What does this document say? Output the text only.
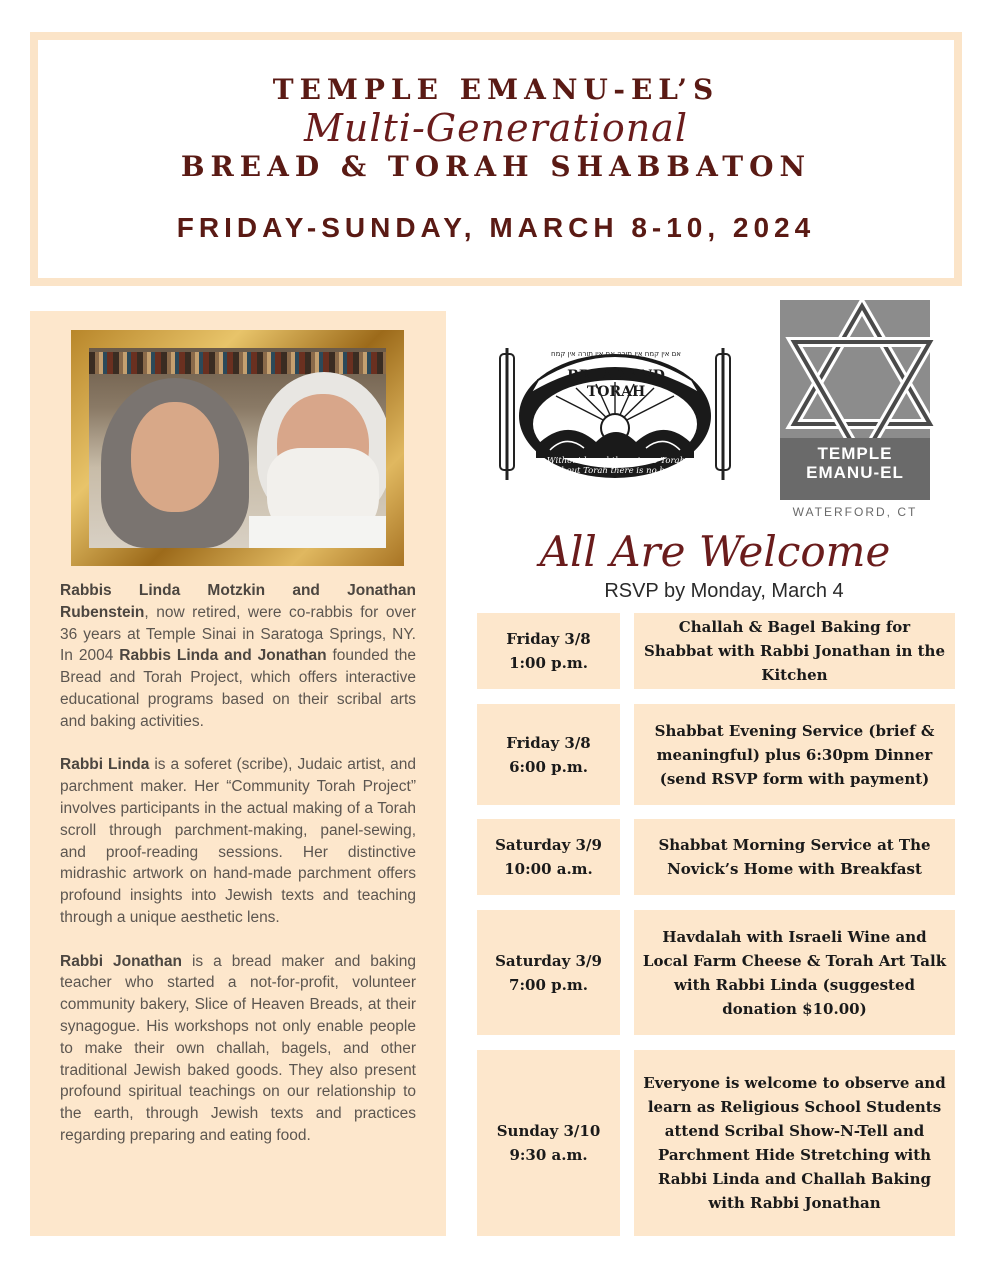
TEMPLE EMANU-EL’S
Multi-Generational
BREAD & TORAH SHABBATON
FRIDAY-SUNDAY, MARCH 8-10, 2024

Rabbis Linda Motzkin and Jonathan Rubenstein, now retired, were co-rabbis for over 36 years at Temple Sinai in Saratoga Springs, NY. In 2004 Rabbis Linda and Jonathan founded the Bread and Torah Project, which offers interactive educational programs based on their scribal arts and baking activities.

Rabbi Linda is a soferet (scribe), Judaic artist, and parchment maker. Her “Community Torah Project” involves participants in the actual making of a Torah scroll through parchment-making, panel-sewing, and proof-reading sessions. Her distinctive midrashic artwork on hand-made parchment offers profound insights into Jewish texts and teaching through a unique aesthetic lens.

Rabbi Jonathan is a bread maker and baking teacher who started a not-for-profit, volunteer community bakery, Slice of Heaven Breads, at their synagogue. His workshops not only enable people to make their own challah, bagels, and other traditional Jewish baked goods. They also present profound spiritual teachings on our relationship to the earth, through Jewish texts and practices regarding preparing and eating food.

אם אין קמח אין תורה אם אין תורה אין קמח
BREAD AND TORAH
Without bread there is no Torah
without Torah there is no bread
TEMPLE
EMANU-EL
WATERFORD, CT
All Are Welcome
RSVP by Monday, March 4
Friday 3/8
1:00 p.m.
Challah & Bagel Baking for Shabbat with Rabbi Jonathan in the Kitchen
Friday 3/8
6:00 p.m.
Shabbat Evening Service (brief & meaningful) plus 6:30pm Dinner (send RSVP form with payment)
Saturday 3/9
10:00 a.m.
Shabbat Morning Service at The Novick’s Home with Breakfast
Saturday 3/9
7:00 p.m.
Havdalah with Israeli Wine and Local Farm Cheese & Torah Art Talk with Rabbi Linda (suggested donation $10.00)
Sunday 3/10
9:30 a.m.
Everyone is welcome to observe and learn as Religious School Students attend Scribal Show-N-Tell and Parchment Hide Stretching with Rabbi Linda and Challah Baking with Rabbi Jonathan
